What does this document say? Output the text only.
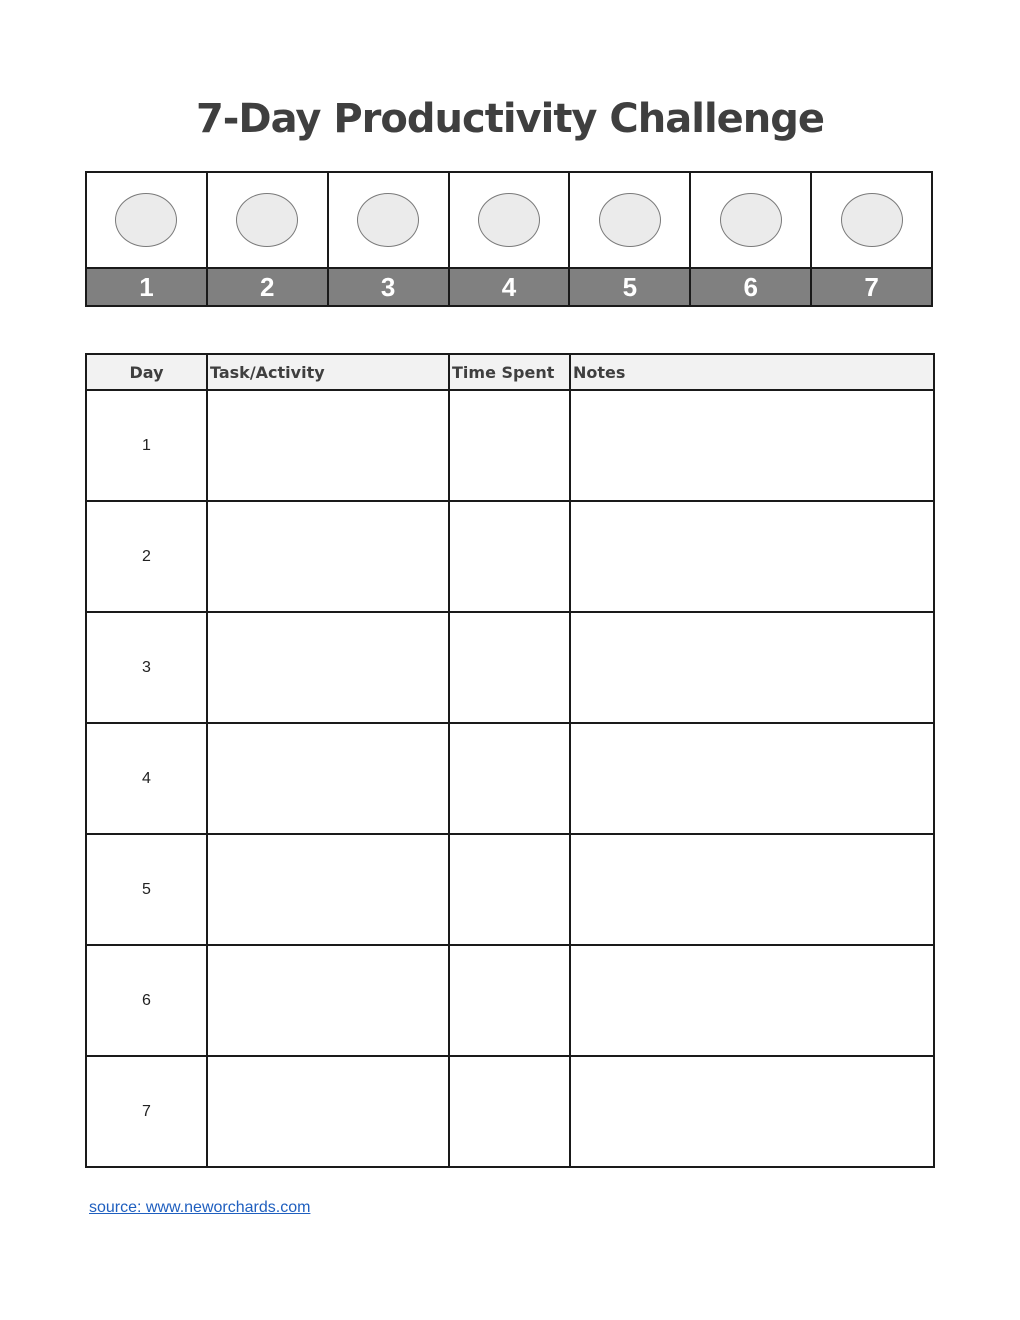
7-Day Productivity Challenge
1	2	3	4	5	6	7
Day	Task/Activity	Time Spent	Notes
1			
2			
3			
4			
5			
6			
7			
source: www.neworchards.com
